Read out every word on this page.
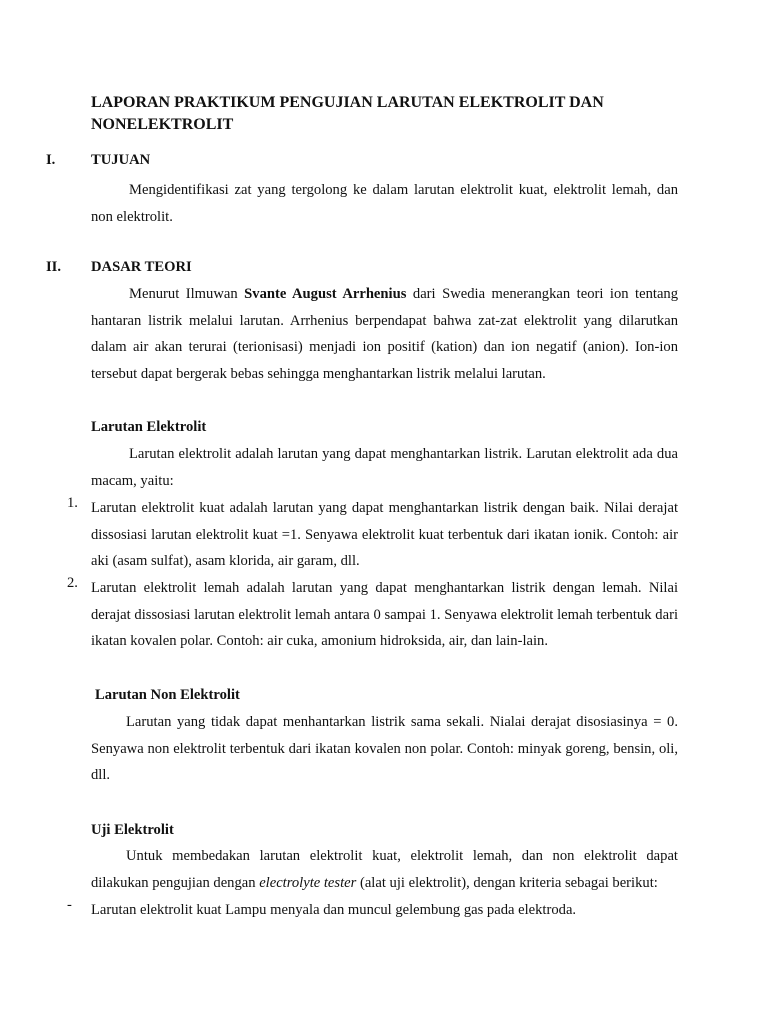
LAPORAN PRAKTIKUM PENGUJIAN LARUTAN ELEKTROLIT DAN NONELEKTROLIT
I. TUJUAN

Mengidentifikasi zat yang tergolong ke dalam larutan elektrolit kuat, elektrolit lemah, dan non elektrolit.

II. DASAR TEORI

Menurut Ilmuwan Svante August Arrhenius dari Swedia menerangkan teori ion tentang hantaran listrik melalui larutan. Arrhenius berpendapat bahwa zat-zat elektrolit yang dilarutkan dalam air akan terurai (terionisasi) menjadi ion positif (kation) dan ion negatif (anion). Ion-ion tersebut dapat bergerak bebas sehingga menghantarkan listrik melalui larutan.

Larutan Elektrolit

Larutan elektrolit adalah larutan yang dapat menghantarkan listrik. Larutan elektrolit ada dua macam, yaitu:

1. Larutan elektrolit kuat adalah larutan yang dapat menghantarkan listrik dengan baik. Nilai derajat dissosiasi larutan elektrolit kuat =1. Senyawa elektrolit kuat terbentuk dari ikatan ionik. Contoh: air aki (asam sulfat), asam klorida, air garam, dll.

2. Larutan elektrolit lemah adalah larutan yang dapat menghantarkan listrik dengan lemah. Nilai derajat dissosiasi larutan elektrolit lemah antara 0 sampai 1. Senyawa elektrolit lemah terbentuk dari ikatan kovalen polar. Contoh: air cuka, amonium hidroksida, air, dan lain-lain.

Larutan Non Elektrolit

Larutan yang tidak dapat menhantarkan listrik sama sekali. Nialai derajat disosiasinya = 0. Senyawa non elektrolit terbentuk dari ikatan kovalen non polar. Contoh: minyak goreng, bensin, oli, dll.

Uji Elektrolit

Untuk membedakan larutan elektrolit kuat, elektrolit lemah, dan non elektrolit dapat dilakukan pengujian dengan electrolyte tester (alat uji elektrolit), dengan kriteria sebagai berikut:

- Larutan elektrolit kuat Lampu menyala dan muncul gelembung gas pada elektroda.
